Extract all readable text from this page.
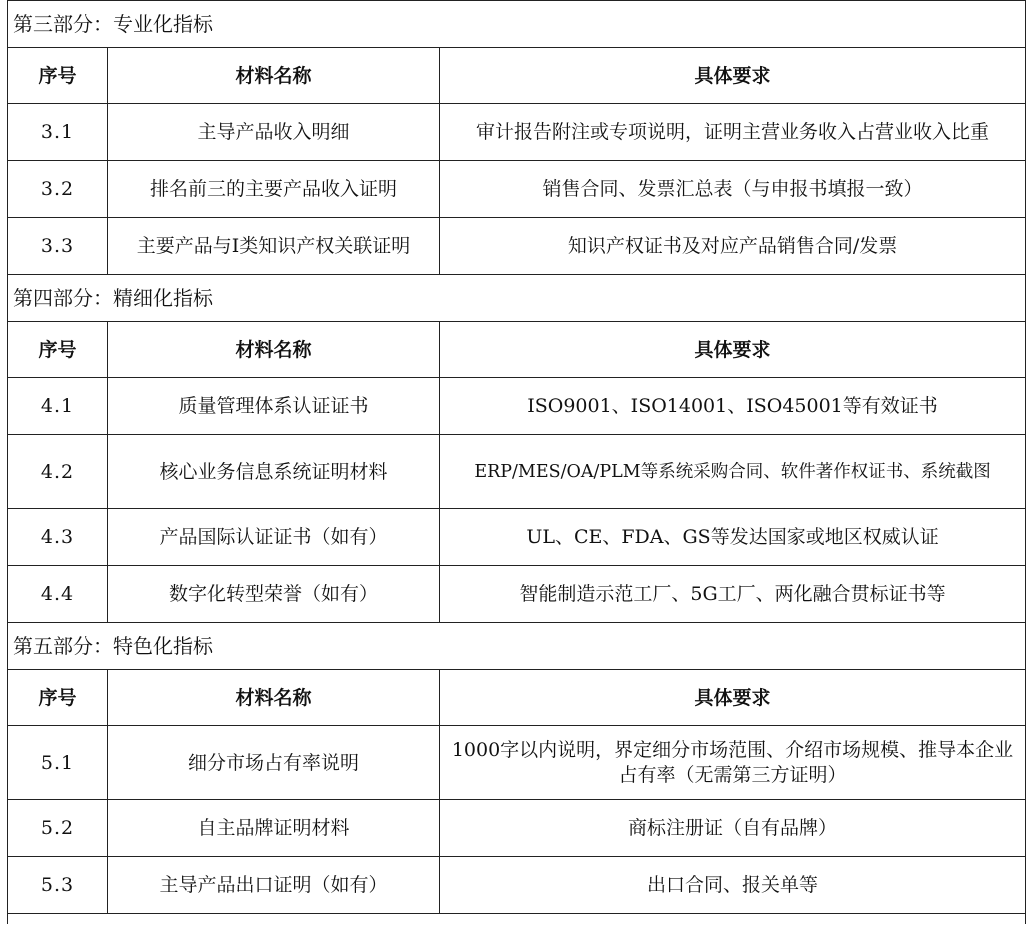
第三部分：专业化指标		
序号	材料名称	具体要求
3.1	主导产品收入明细	审计报告附注或专项说明，证明主营业务收入占营业收入比重
3.2	排名前三的主要产品收入证明	销售合同、发票汇总表（与申报书填报一致）
3.3	主要产品与Ⅰ类知识产权关联证明	知识产权证书及对应产品销售合同/发票
第四部分：精细化指标		
序号	材料名称	具体要求
4.1	质量管理体系认证证书	ISO9001、ISO14001、ISO45001等有效证书
4.2	核心业务信息系统证明材料	ERP/MES/OA/PLM等系统采购合同、软件著作权证书、系统截图
4.3	产品国际认证证书（如有）	UL、CE、FDA、GS等发达国家或地区权威认证
4.4	数字化转型荣誉（如有）	智能制造示范工厂、5G工厂、两化融合贯标证书等
第五部分：特色化指标		
序号	材料名称	具体要求
5.1	细分市场占有率说明	1000字以内说明，界定细分市场范围、介绍市场规模、推导本企业占有率（无需第三方证明）
5.2	自主品牌证明材料	商标注册证（自有品牌）
5.3	主导产品出口证明（如有）	出口合同、报关单等
